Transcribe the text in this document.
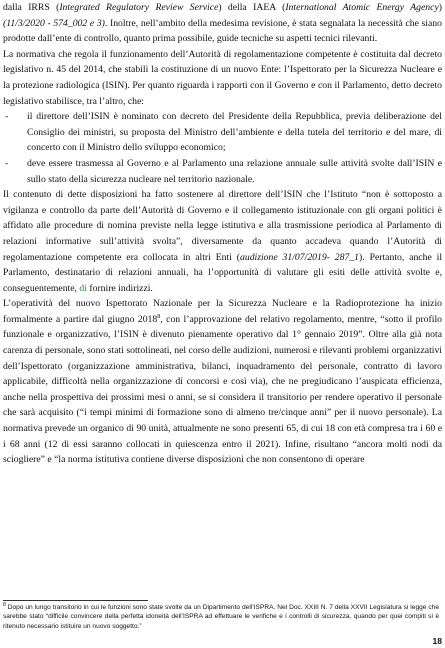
dalla IRRS (Integrated Regulatory Review Service) della IAEA (International Atomic Energy Agency) (11/3/2020 - 574_002 e 3). Inoltre, nell’ambito della medesima revisione, è stata segnalata la necessità che siano prodotte dall’ente di controllo, quanto prima possibile, guide tecniche su aspetti tecnici rilevanti.

La normativa che regola il funzionamento dell’Autorità di regolamentazione competente è costituita dal decreto legislativo n. 45 del 2014, che stabilì la costituzione di un nuovo Ente: l’Ispettorato per la Sicurezza Nucleare e la protezione radiologica (ISIN). Per quanto riguarda i rapporti con il Governo e con il Parlamento, detto decreto legislativo stabilisce, tra l’altro, che:

- il direttore dell’ISIN è nominato con decreto del Presidente della Repubblica, previa deliberazione del Consiglio dei ministri, su proposta del Ministro dell’ambiente e della tutela del territorio e del mare, di concerto con il Ministro dello sviluppo economico;
- deve essere trasmessa al Governo e al Parlamento una relazione annuale sulle attività svolte dall’ISIN e sullo stato della sicurezza nucleare nel territorio nazionale.

Il contenuto di dette disposizioni ha fatto sostenere al direttore dell’ISIN che l’Istituto “non è sottoposto a vigilanza e controllo da parte dell’Autorità di Governo e il collegamento istituzionale con gli organi politici è affidato alle procedure di nomina previste nella legge istitutiva e alla trasmissione periodica al Parlamento di relazioni informative sull’attività svolta”, diversamente da quanto accadeva quando l’Autorità di regolamentazione competente era collocata in altri Enti (audizione 31/07/2019- 287_1). Pertanto, anche il Parlamento, destinatario di relazioni annuali, ha l’opportunità di valutare gli esiti delle attività svolte e, conseguentemente, di fornire indirizzi.

L’operatività del nuovo Ispettorato Nazionale per la Sicurezza Nucleare e la Radioprotezione ha inizio formalmente a partire dal giugno 2018$^8$, con l’approvazione del relativo regolamento, mentre, “sotto il profilo funzionale e organizzativo, l’ISIN è divenuto pienamente operativo dal 1° gennaio 2019”. Oltre alla già nota carenza di personale, sono stati sottolineati, nel corso delle audizioni, numerosi e rilevanti problemi organizzativi dell’Ispettorato (organizzazione amministrativa, bilanci, inquadramento del personale, contratto di lavoro applicabile, difficoltà nella organizzazione di concorsi e così via), che ne pregiudicano l’auspicata efficienza, anche nella prospettiva dei prossimi mesi o anni, se si considera il transitorio per rendere operativo il personale che sarà acquisito (“i tempi minimi di formazione sono di almeno tre/cinque anni” per il nuovo personale). La normativa prevede un organico di 90 unità, attualmente ne sono presenti 65, di cui 18 con età compresa tra i 60 e i 68 anni (12 di essi saranno collocati in quiescenza entro il 2021). Infine, risultano “ancora molti nodi da sciogliere” e “la norma istitutiva contiene diverse disposizioni che non consentono di operare

$^8$ Dopo un lungo transitorio in cui le funzioni sono state svolte da un Dipartimento dell’ISPRA. Nel Doc. XXIII N. 7 della XXVII Legislatura si legge che sarebbe stato “difficile convincere della perfetta idoneità dell’ISPRA ad effettuare le verifiche e i controlli di sicurezza, quando per quei compiti si è ritenuto necessario istituire un nuovo soggetto.”
18
